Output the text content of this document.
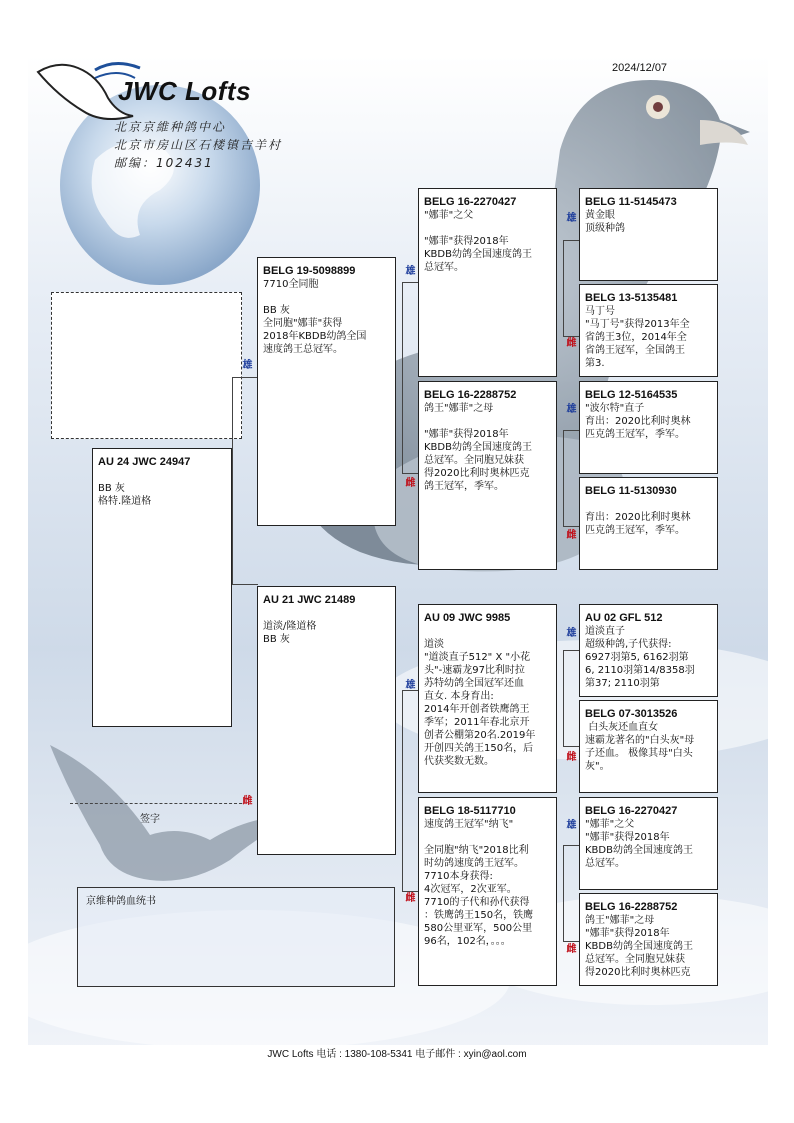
JWC Lofts
北京京維种鸽中心
北京市房山区石楼镇吉羊村
邮编：102431
2024/12/07
雄
雌
雄
雌
雄
雌
雄
雌
雄
雌
雄
雌
雄
雌
AU 24 JWC 24947
BB 灰
格特.隆道格
BELG 19-5098899
7710全同胞
BB 灰
全同胞"娜菲"获得
2018年KBDB幼鸽全国
速度鸽王总冠军。
AU 21 JWC 21489
道淡/隆道格
BB 灰
BELG 16-2270427
"娜菲"之父
"娜菲"获得2018年
KBDB幼鸽全国速度鸽王
总冠军。
BELG 16-2288752
鸽王"娜菲"之母
"娜菲"获得2018年
KBDB幼鸽全国速度鸽王
总冠军。全同胞兄妹获
得2020比利时奥林匹克
鸽王冠军，季军。
AU 09 JWC 9985
道淡
"道淡直子512" X "小花
头"-速霸龙97比利时拉
苏特幼鸽全国冠军还血
直女. 本身育出:
2014年开创者铁鹰鸽王
季军；2011年春北京开
创者公棚第20名.2019年
开创四关鸽王150名，后
代获奖数无数。
BELG 18-5117710
速度鸽王冠军"纳飞"
全同胞"纳飞"2018比利
时幼鸽速度鸽王冠军。
7710本身获得:
4次冠军，2次亚军。
7710的子代和孙代获得
：铁鹰鸽王150名，铁鹰
580公里亚军，500公里
96名，102名，。。。
BELG 11-5145473
黄金眼
顶级种鸽
BELG 13-5135481
马丁号
"马丁号"获得2013年全
省鸽王3位，2014年全
省鸽王冠军，全国鸽王
第3.
BELG 12-5164535
"波尔特"直子
育出：2020比利时奥林
匹克鸽王冠军，季军。
BELG 11-5130930
育出：2020比利时奥林
匹克鸽王冠军，季军。
AU 02 GFL 512
道淡直子
超级种鸽,子代获得:
6927羽第5, 6162羽第
6, 2110羽第14/8358羽
第37; 2110羽第
BELG 07-3013526
白头灰还血直女
速霸龙著名的"白头灰"母
子还血。 极像其母"白头
灰"。
BELG 16-2270427
"娜菲"之父
"娜菲"获得2018年
KBDB幼鸽全国速度鸽王
总冠军。
BELG 16-2288752
鸽王"娜菲"之母
"娜菲"获得2018年
KBDB幼鸽全国速度鸽王
总冠军。全同胞兄妹获
得2020比利时奥林匹克
签字
京维种鸽血统书
JWC Lofts 电话 : 1380-108-5341 电子邮件 : xyin@aol.com
